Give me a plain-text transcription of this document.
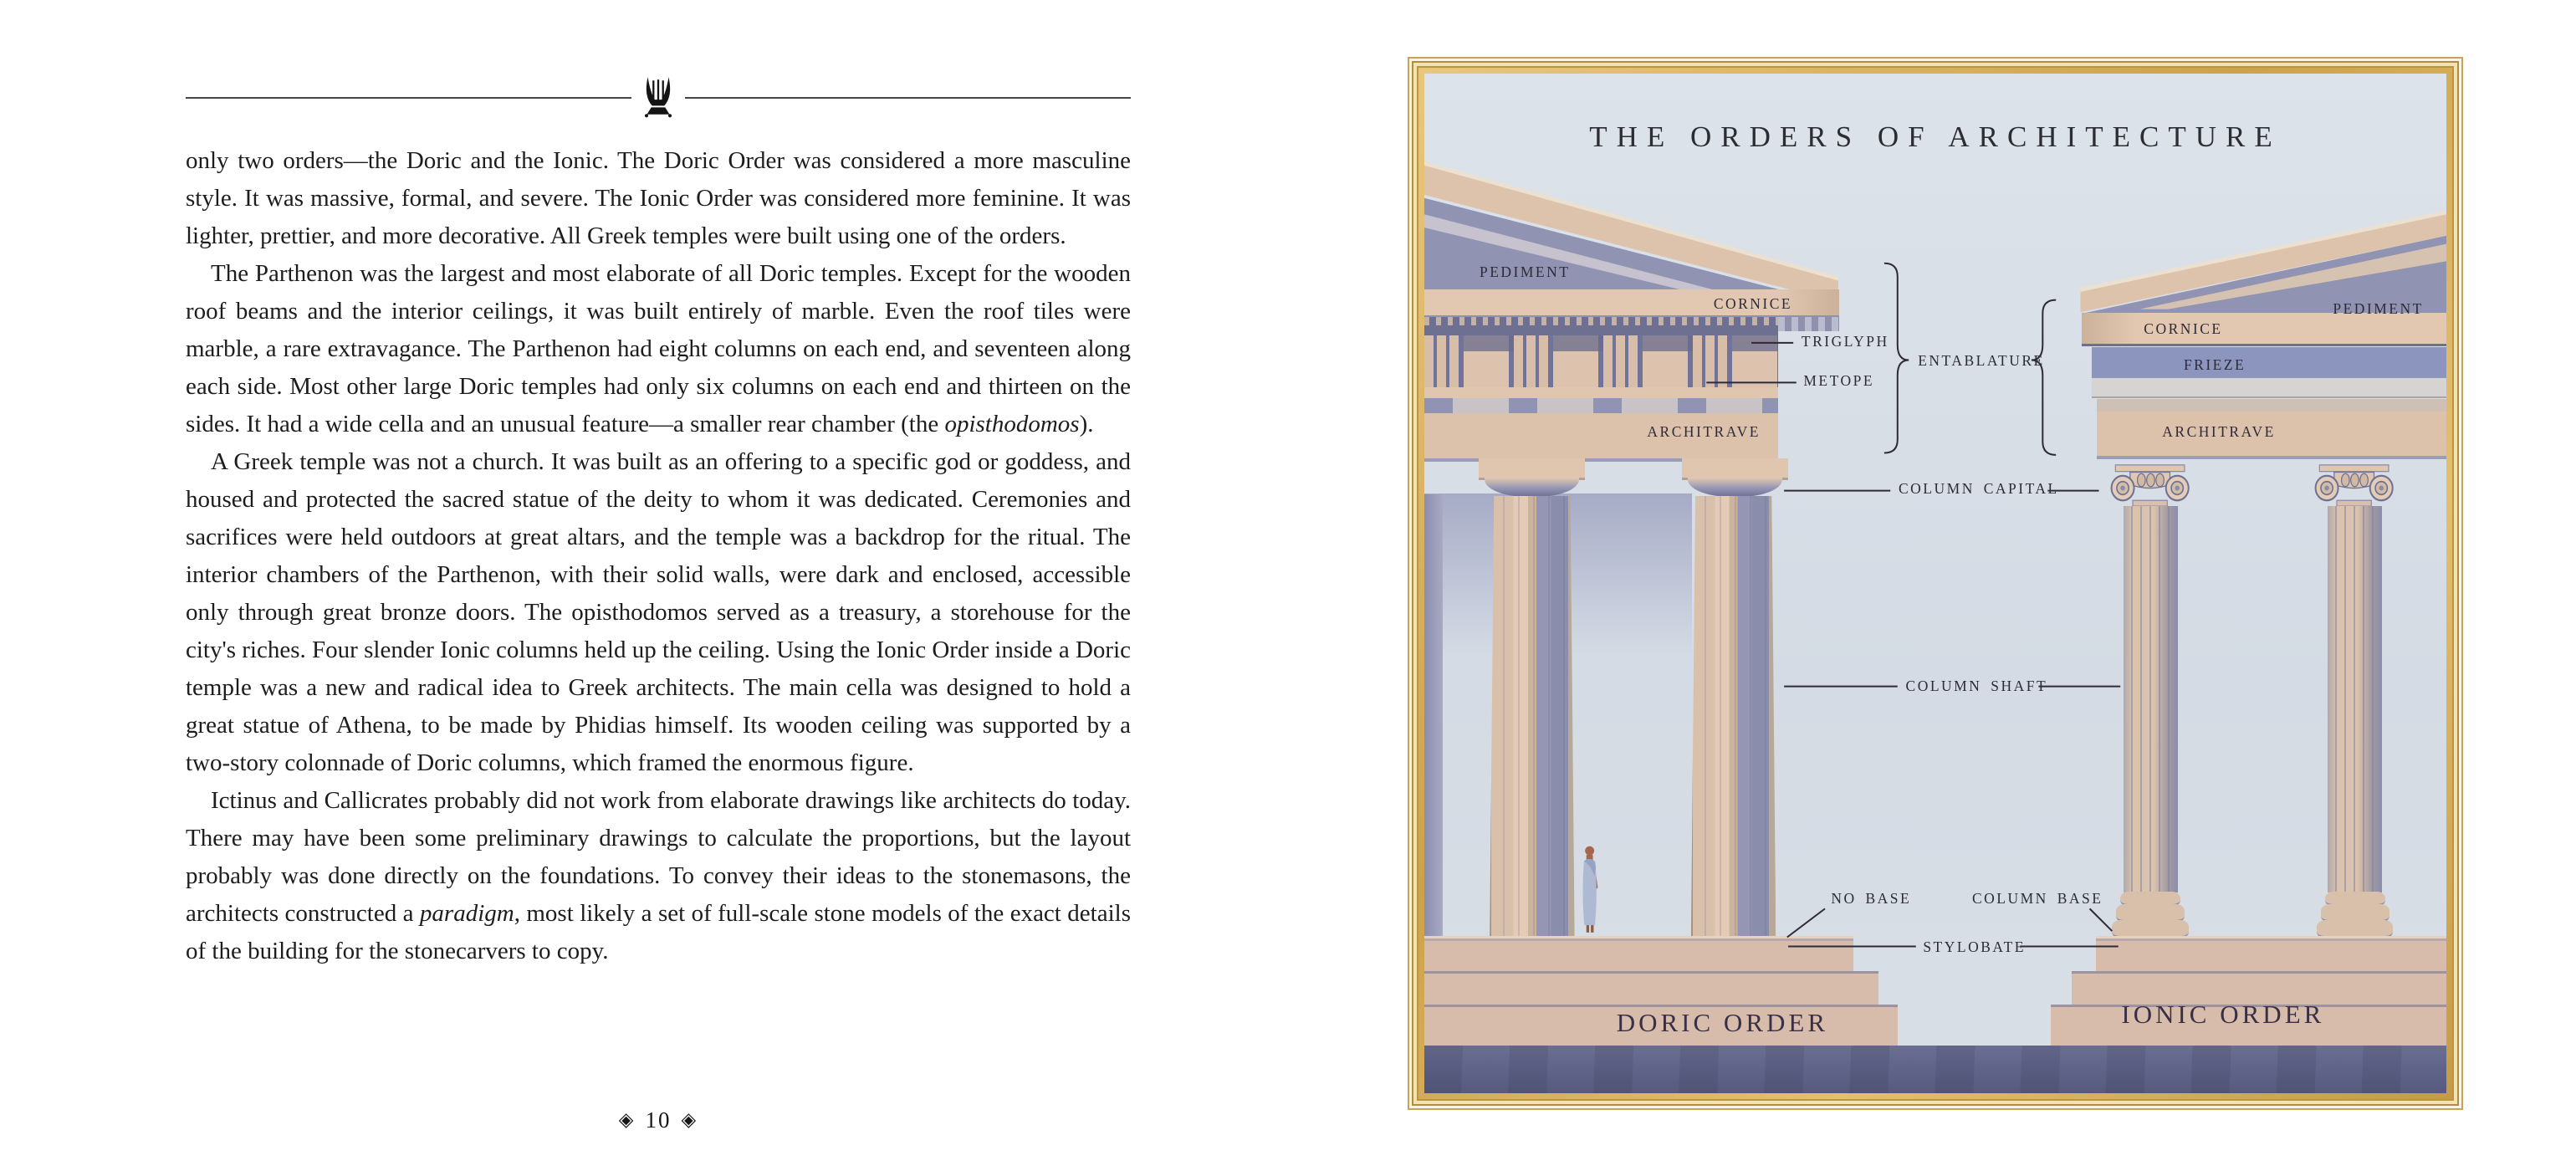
only two orders—the Doric and the Ionic. The Doric Order was considered a more masculine style. It was massive, formal, and severe. The Ionic Order was considered more feminine. It was lighter, prettier, and more decorative. All Greek temples were built using one of the orders.

The Parthenon was the largest and most elaborate of all Doric temples. Except for the wooden roof beams and the interior ceilings, it was built entirely of marble. Even the roof tiles were marble, a rare extravagance. The Parthenon had eight columns on each end, and seventeen along each side. Most other large Doric temples had only six columns on each end and thirteen on the sides. It had a wide cella and an unusual feature—a smaller rear chamber (the opisthodomos).

A Greek temple was not a church. It was built as an offering to a specific god or goddess, and housed and protected the sacred statue of the deity to whom it was dedicated. Ceremonies and sacrifices were held outdoors at great altars, and the temple was a backdrop for the ritual. The interior chambers of the Parthenon, with their solid walls, were dark and enclosed, accessible only through great bronze doors. The opisthodomos served as a treasury, a storehouse for the city's riches. Four slender Ionic columns held up the ceiling. Using the Ionic Order inside a Doric temple was a new and radical idea to Greek architects. The main cella was designed to hold a great statue of Athena, to be made by Phidias himself. Its wooden ceiling was supported by a two-story colonnade of Doric columns, which framed the enormous figure.

Ictinus and Callicrates probably did not work from elaborate drawings like architects do today. There may have been some preliminary drawings to calculate the proportions, but the layout probably was done directly on the foundations. To convey their ideas to the stonemasons, the architects constructed a paradigm, most likely a set of full-scale stone models of the exact details of the building for the stonecarvers to copy.

◈ 10 ◈
THE ORDERS OF ARCHITECTURE
PEDIMENT
CORNICE
TRIGLYPH
METOPE
ARCHITRAVE
ENTABLATURE
COLUMN CAPITAL
COLUMN SHAFT
NO BASE	COLUMN BASE
STYLOBATE
PEDIMENT
CORNICE
FRIEZE
ARCHITRAVE
DORIC ORDER	IONIC ORDER
